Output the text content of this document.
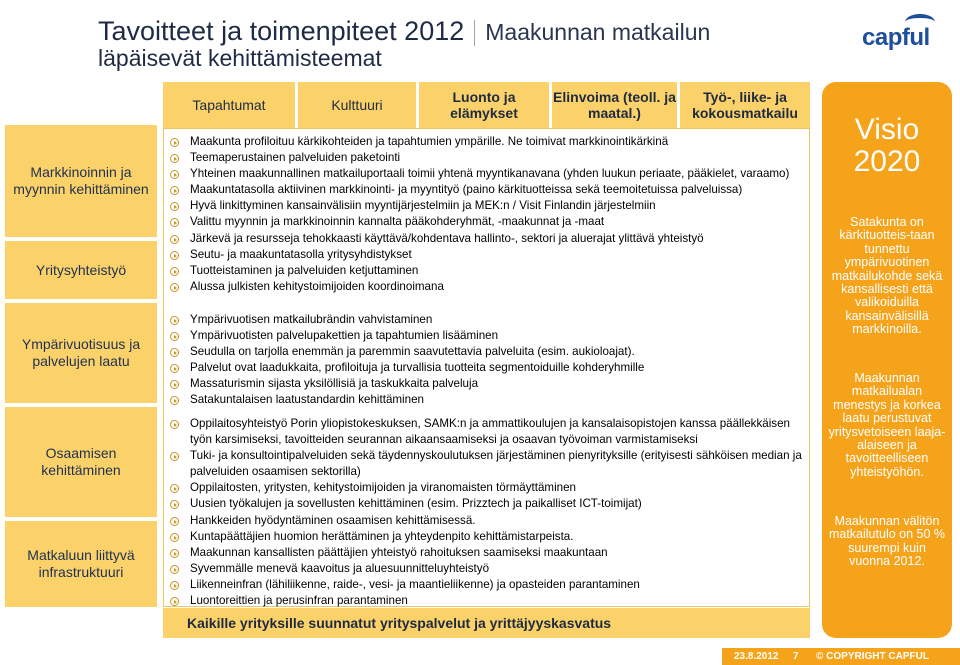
Tavoitteet ja toimenpiteet 2012 Maakunnan matkailun
läpäisevät kehittämisteemat
capful
Markkinoinnin ja myynnin kehittäminen
Yritysyhteistyö
Ympärivuotisuus ja palvelujen laatu
Osaamisen kehittäminen
Matkaluun liittyvä infrastruktuuri
Tapahtumat	Kulttuuri	Luonto ja elämykset
Elinvoima (teoll. ja maatal.)
Työ-, liike- ja kokousmatkailu
Maakunta profiloituu kärkikohteiden ja tapahtumien ympärille. Ne toimivat markkinointikärkinä
Teemaperustainen palveluiden paketointi
Yhteinen maakunnallinen matkailuportaali toimii yhtenä myyntikanavana (yhden luukun periaate, pääkielet, varaamo)
Maakuntatasolla aktiivinen markkinointi- ja myyntityö (paino kärkituotteissa sekä teemoitetuissa palveluissa)
Hyvä linkittyminen kansainvälisiin myyntijärjestelmiin ja MEK:n / Visit Finlandin järjestelmiin
Valittu myynnin ja markkinoinnin kannalta pääkohderyhmät, -maakunnat ja -maat
Järkevä ja resursseja tehokkaasti käyttävä/kohdentava hallinto-, sektori ja aluerajat ylittävä yhteistyö
Seutu- ja maakuntatasolla yritysyhdistykset
Tuotteistaminen ja palveluiden ketjuttaminen
Alussa julkisten kehitystoimijoiden koordinoimana
Ympärivuotisen matkailubrändin vahvistaminen
Ympärivuotisten palvelupakettien ja tapahtumien lisääminen
Seudulla on tarjolla enemmän ja paremmin saavutettavia palveluita (esim. aukioloajat).
Palvelut ovat laadukkaita, profiloituja ja turvallisia tuotteita segmentoiduille kohderyhmille
Massaturismin sijasta yksilöllisiä ja taskukkaita palveluja
Satakuntalaisen laatustandardin kehittäminen
Oppilaitosyhteistyö Porin yliopistokeskuksen, SAMK:n ja ammattikoulujen ja kansalaisopistojen kanssa päällekkäisen työn karsimiseksi, tavoitteiden seurannan aikaansaamiseksi ja osaavan työvoiman varmistamiseksi
Tuki- ja konsultointipalveluiden sekä täydennyskoulutuksen järjestäminen pienyrityksille (erityisesti sähköisen median ja palveluiden osaamisen sektorilla)
Oppilaitosten, yritysten, kehitystoimijoiden ja viranomaisten törmäyttäminen
Uusien työkalujen ja sovellusten kehittäminen (esim. Prizztech ja paikalliset ICT-toimijat)
Hankkeiden hyödyntäminen osaamisen kehittämisessä.
Kuntapäättäjien huomion herättäminen ja yhteydenpito kehittämistarpeista.
Maakunnan kansallisten päättäjien yhteistyö rahoituksen saamiseksi maakuntaan
Syvemmälle menevä kaavoitus ja aluesuunnitteluyhteistyö
Liikenneinfran (lähiliikenne, raide-, vesi- ja maantieliikenne) ja opasteiden parantaminen
Luontoreittien ja perusinfran parantaminen
Kaikille yrityksille suunnatut yrityspalvelut ja yrittäjyyskasvatus
Visio 2020
Satakunta on kärkituotteis-taan tunnettu ympärivuotinen matkailukohde sekä kansallisesti että valikoiduilla kansainvälisillä markkinoilla.
Maakunnan matkailualan menestys ja korkea laatu perustuvat yritysvetoiseen laaja-alaiseen ja tavoitteelliseen yhteistyöhön.
Maakunnan välitön matkailutulo on 50 % suurempi kuin vuonna 2012.
23.8.2012 7 © COPYRIGHT CAPFUL
